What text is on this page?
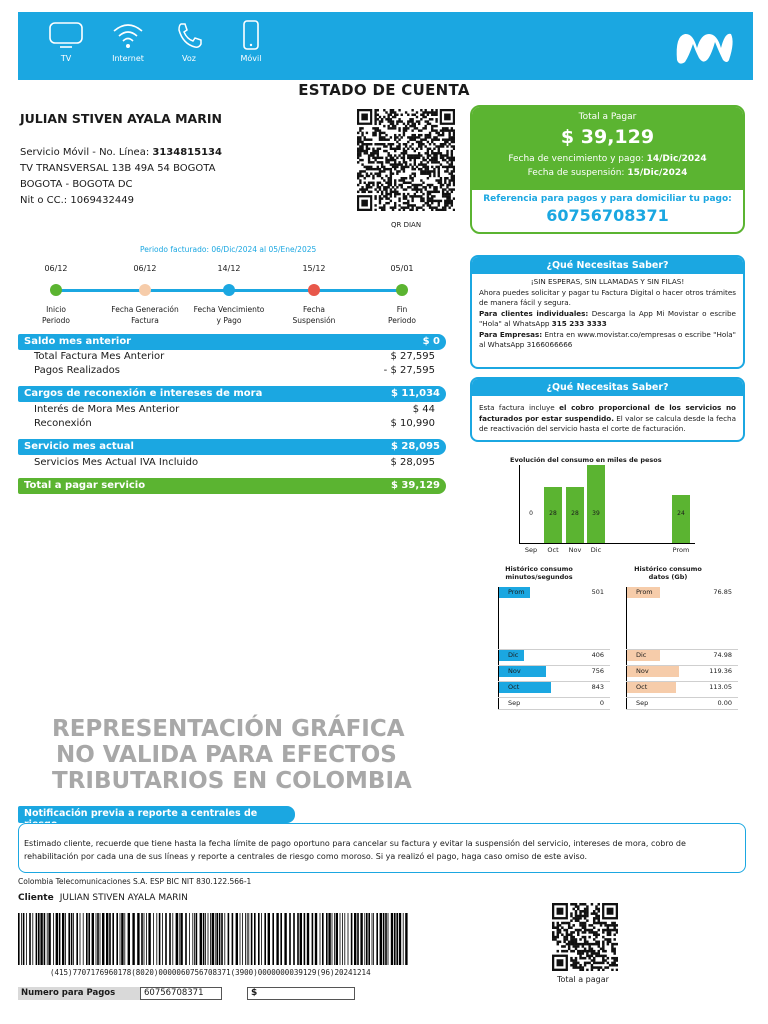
TV	Internet	Voz	Móvil
ESTADO DE CUENTA
JULIAN STIVEN AYALA MARIN
Servicio Móvil - No. Línea: 3134815134
TV TRANSVERSAL 13B 49A 54 BOGOTA
BOGOTA - BOGOTA DC
Nit o CC.: 1069432449
QR DIAN
Total a Pagar
$ 39,129
Fecha de vencimiento y pago: 14/Dic/2024
Fecha de suspensión: 15/Dic/2024
Referencia para pagos y para domiciliar tu pago:
60756708371
Periodo facturado: 06/Dic/2024 al 05/Ene/2025
06/12
Inicio
Periodo
06/12
Fecha Generación
Factura
14/12
Fecha Vencimiento
y Pago
15/12
Fecha
Suspensión
05/01
Fin
Periodo
Saldo mes anterior	$ 0
Total Factura Mes Anterior	$ 27,595
Pagos Realizados	- $ 27,595
Cargos de reconexión e intereses de mora	$ 11,034
Interés de Mora Mes Anterior	$ 44
Reconexión	$ 10,990
Servicio mes actual	$ 28,095
Servicios Mes Actual IVA Incluido	$ 28,095
Total a pagar servicio	$ 39,129
¿Qué Necesitas Saber?
¡SIN ESPERAS, SIN LLAMADAS Y SIN FILAS!
Ahora puedes solicitar y pagar tu Factura Digital o hacer otros trámites de manera fácil y segura.
Para clientes individuales: Descarga la App Mi Movistar o escribe "Hola" al WhatsApp 315 233 3333
Para Empresas: Entra en www.movistar.co/empresas o escribe "Hola" al WhatsApp 3166066666
¿Qué Necesitas Saber?
Esta factura incluye el cobro proporcional de los servicios no facturados por estar suspendido. El valor se calcula desde la fecha de reactivación del servicio hasta el corte de facturación.
Evolución del consumo en miles de pesos
0
Sep
28
Oct
28
Nov
39
Dic
24
Prom
Histórico consumo minutos/segundos
Prom	501
Dic	406
Nov	756
Oct	843
Sep	0
Histórico consumo datos (Gb)
Prom	76.85
Dic	74.98
Nov	119.36
Oct	113.05
Sep	0.00
REPRESENTACIÓN GRÁFICA
NO VALIDA PARA EFECTOS
TRIBUTARIOS EN COLOMBIA
Notificación previa a reporte a centrales de riesgo
Estimado cliente, recuerde que tiene hasta la fecha límite de pago oportuno para cancelar su factura y evitar la suspensión del servicio, intereses de mora, cobro de rehabilitación por cada una de sus líneas y reporte a centrales de riesgo como moroso. Si ya realizó el pago, haga caso omiso de este aviso.
Colombia Telecomunicaciones S.A. ESP BIC NIT 830.122.566-1
Cliente JULIAN STIVEN AYALA MARIN
(415)7707176960178(8020)0000060756708371(3900)0000000039129(96)20241214
Numero para Pagos	60756708371	$
Total a pagar
